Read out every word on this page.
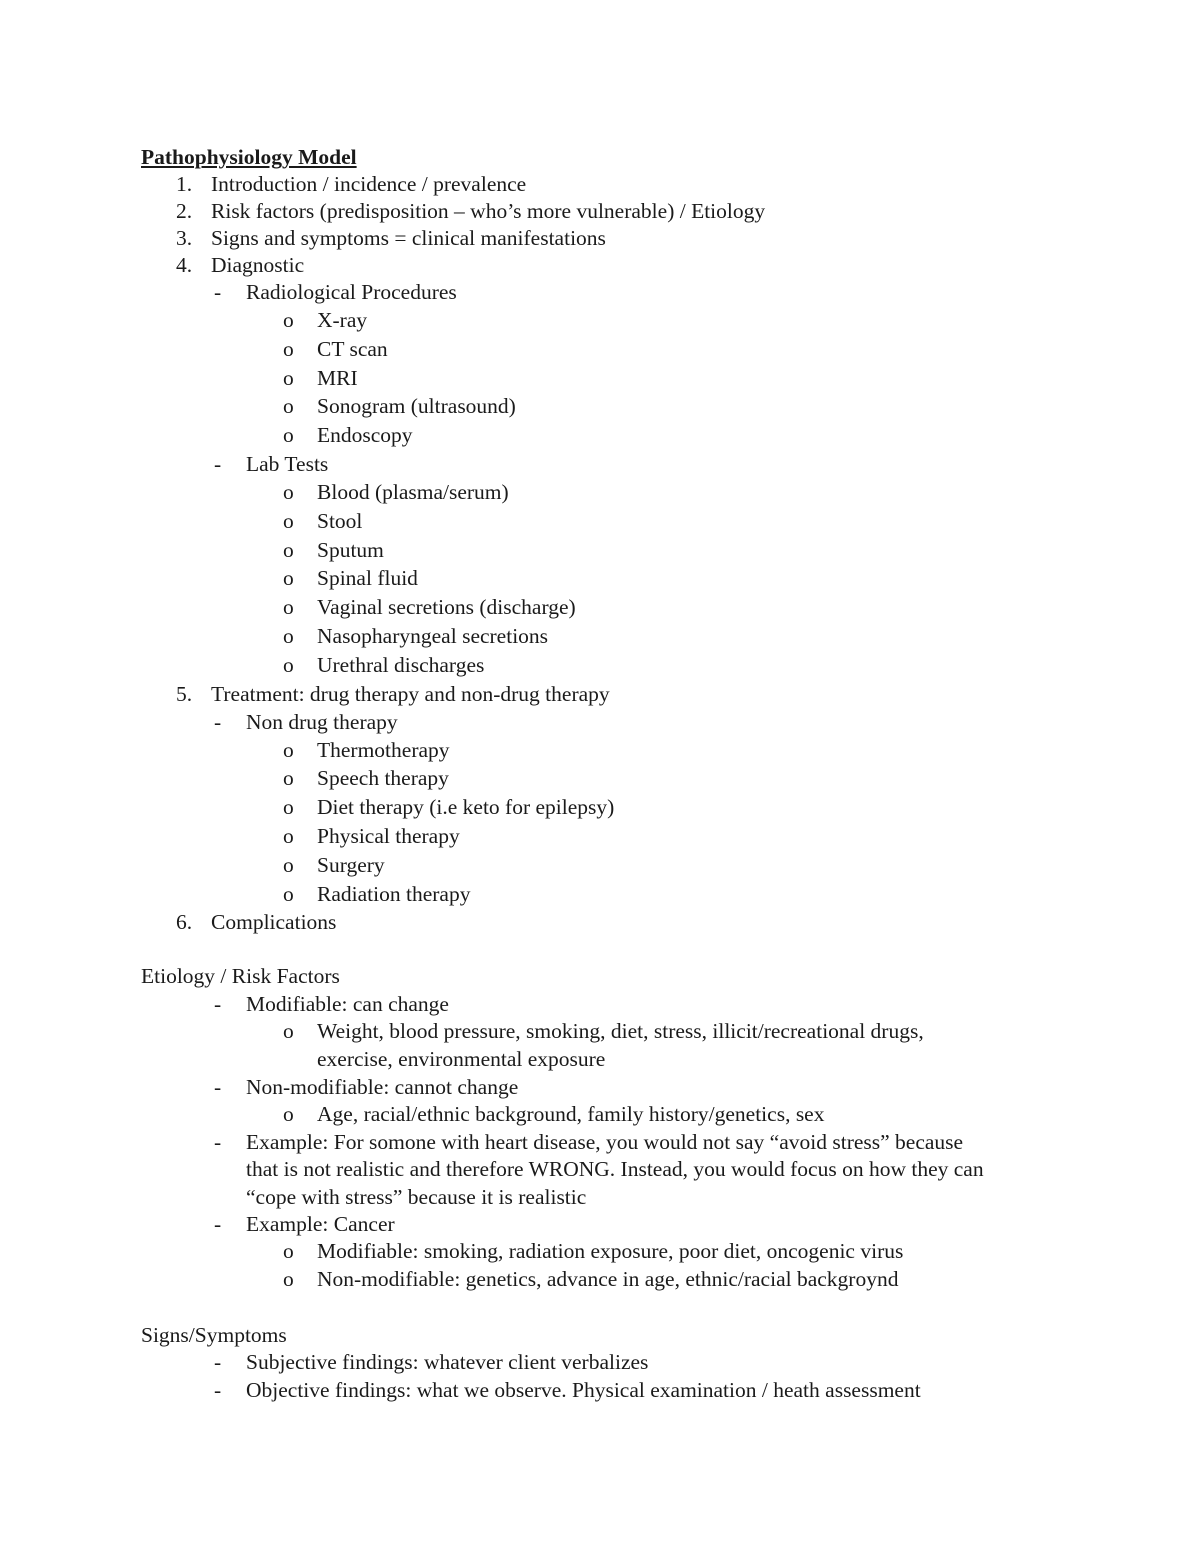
Pathophysiology Model
1. Introduction / incidence / prevalence
2. Risk factors (predisposition – who’s more vulnerable) / Etiology
3. Signs and symptoms = clinical manifestations
4. Diagnostic
- Radiological Procedures
o X-ray
o CT scan
o MRI
o Sonogram (ultrasound)
o Endoscopy
- Lab Tests
o Blood (plasma/serum)
o Stool
o Sputum
o Spinal fluid
o Vaginal secretions (discharge)
o Nasopharyngeal secretions
o Urethral discharges
5. Treatment: drug therapy and non-drug therapy
- Non drug therapy
o Thermotherapy
o Speech therapy
o Diet therapy (i.e keto for epilepsy)
o Physical therapy
o Surgery
o Radiation therapy
6. Complications
Etiology / Risk Factors
- Modifiable: can change
o Weight, blood pressure, smoking, diet, stress, illicit/recreational drugs,
exercise, environmental exposure
- Non-modifiable: cannot change
o Age, racial/ethnic background, family history/genetics, sex
- Example: For somone with heart disease, you would not say “avoid stress” because
that is not realistic and therefore WRONG. Instead, you would focus on how they can
“cope with stress” because it is realistic
- Example: Cancer
o Modifiable: smoking, radiation exposure, poor diet, oncogenic virus
o Non-modifiable: genetics, advance in age, ethnic/racial backgroynd
Signs/Symptoms
- Subjective findings: whatever client verbalizes
- Objective findings: what we observe. Physical examination / heath assessment
